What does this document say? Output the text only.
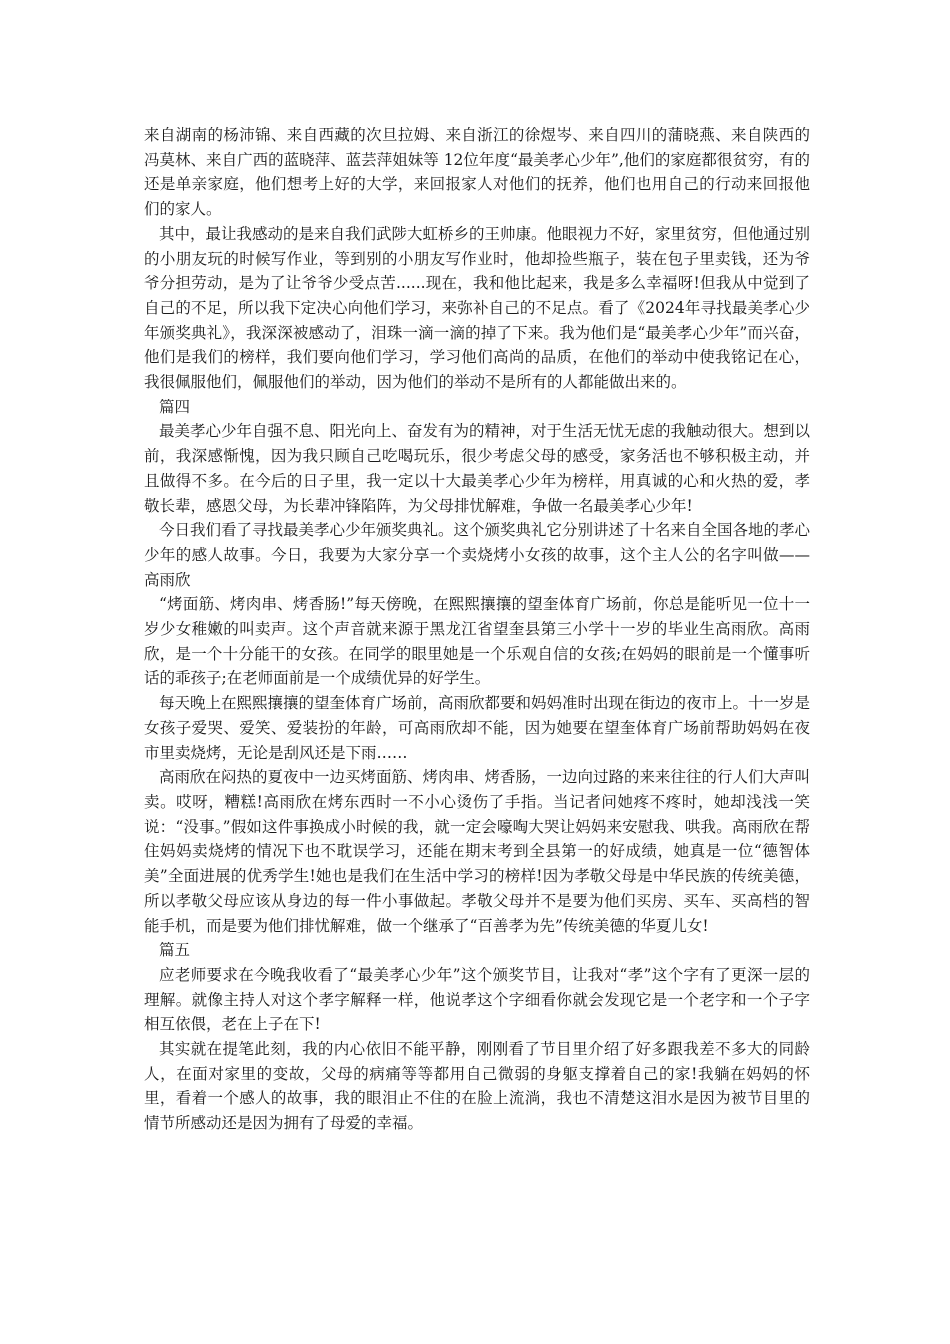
来自湖南的杨沛锦、来自西藏的次旦拉姆、来自浙江的徐煜岑、来自四川的蒲晓燕、来自陕西的冯莫林、来自广西的蓝晓萍、蓝芸萍姐妹等 12位年度“最美孝心少年”,他们的家庭都很贫穷，有的还是单亲家庭，他们想考上好的大学，来回报家人对他们的抚养，他们也用自己的行动来回报他们的家人。

其中，最让我感动的是来自我们武陟大虹桥乡的王帅康。他眼视力不好，家里贫穷，但他通过别的小朋友玩的时候写作业，等到别的小朋友写作业时，他却捡些瓶子，装在包子里卖钱，还为爷爷分担劳动，是为了让爷爷少受点苦......现在，我和他比起来，我是多么幸福呀!但我从中觉到了自己的不足，所以我下定决心向他们学习，来弥补自己的不足点。看了《2024年寻找最美孝心少年颁奖典礼》，我深深被感动了，泪珠一滴一滴的掉了下来。我为他们是“最美孝心少年”而兴奋，他们是我们的榜样，我们要向他们学习，学习他们高尚的品质，在他们的举动中使我铭记在心，我很佩服他们，佩服他们的举动，因为他们的举动不是所有的人都能做出来的。

篇四

最美孝心少年自强不息、阳光向上、奋发有为的精神，对于生活无忧无虑的我触动很大。想到以前，我深感惭愧，因为我只顾自己吃喝玩乐，很少考虑父母的感受，家务活也不够积极主动，并且做得不多。在今后的日子里，我一定以十大最美孝心少年为榜样，用真诚的心和火热的爱，孝敬长辈，感恩父母，为长辈冲锋陷阵，为父母排忧解难，争做一名最美孝心少年!

今日我们看了寻找最美孝心少年颁奖典礼。这个颁奖典礼它分别讲述了十名来自全国各地的孝心少年的感人故事。今日，我要为大家分享一个卖烧烤小女孩的故事，这个主人公的名字叫做——高雨欣

“烤面筋、烤肉串、烤香肠!”每天傍晚，在熙熙攘攘的望奎体育广场前，你总是能听见一位十一岁少女稚嫩的叫卖声。这个声音就来源于黑龙江省望奎县第三小学十一岁的毕业生高雨欣。高雨欣，是一个十分能干的女孩。在同学的眼里她是一个乐观自信的女孩;在妈妈的眼前是一个懂事听话的乖孩子;在老师面前是一个成绩优异的好学生。

每天晚上在熙熙攘攘的望奎体育广场前，高雨欣都要和妈妈准时出现在街边的夜市上。十一岁是女孩子爱哭、爱笑、爱装扮的年龄，可高雨欣却不能，因为她要在望奎体育广场前帮助妈妈在夜市里卖烧烤，无论是刮风还是下雨……

高雨欣在闷热的夏夜中一边买烤面筋、烤肉串、烤香肠，一边向过路的来来往往的行人们大声叫卖。哎呀，糟糕!高雨欣在烤东西时一不小心烫伤了手指。当记者问她疼不疼时，她却浅浅一笑说：“没事。”假如这件事换成小时候的我，就一定会嚎啕大哭让妈妈来安慰我、哄我。高雨欣在帮住妈妈卖烧烤的情况下也不耽误学习，还能在期末考到全县第一的好成绩，她真是一位“德智体美”全面进展的优秀学生!她也是我们在生活中学习的榜样!因为孝敬父母是中华民族的传统美德，所以孝敬父母应该从身边的每一件小事做起。孝敬父母并不是要为他们买房、买车、买高档的智能手机，而是要为他们排忧解难，做一个继承了“百善孝为先”传统美德的华夏儿女!

篇五

应老师要求在今晚我收看了“最美孝心少年”这个颁奖节目，让我对“孝”这个字有了更深一层的理解。就像主持人对这个孝字解释一样，他说孝这个字细看你就会发现它是一个老字和一个子字相互依偎，老在上子在下!

其实就在提笔此刻，我的内心依旧不能平静，刚刚看了节目里介绍了好多跟我差不多大的同龄人，在面对家里的变故，父母的病痛等等都用自己微弱的身躯支撑着自己的家!我躺在妈妈的怀里，看着一个感人的故事，我的眼泪止不住的在脸上流淌，我也不清楚这泪水是因为被节目里的情节所感动还是因为拥有了母爱的幸福。
